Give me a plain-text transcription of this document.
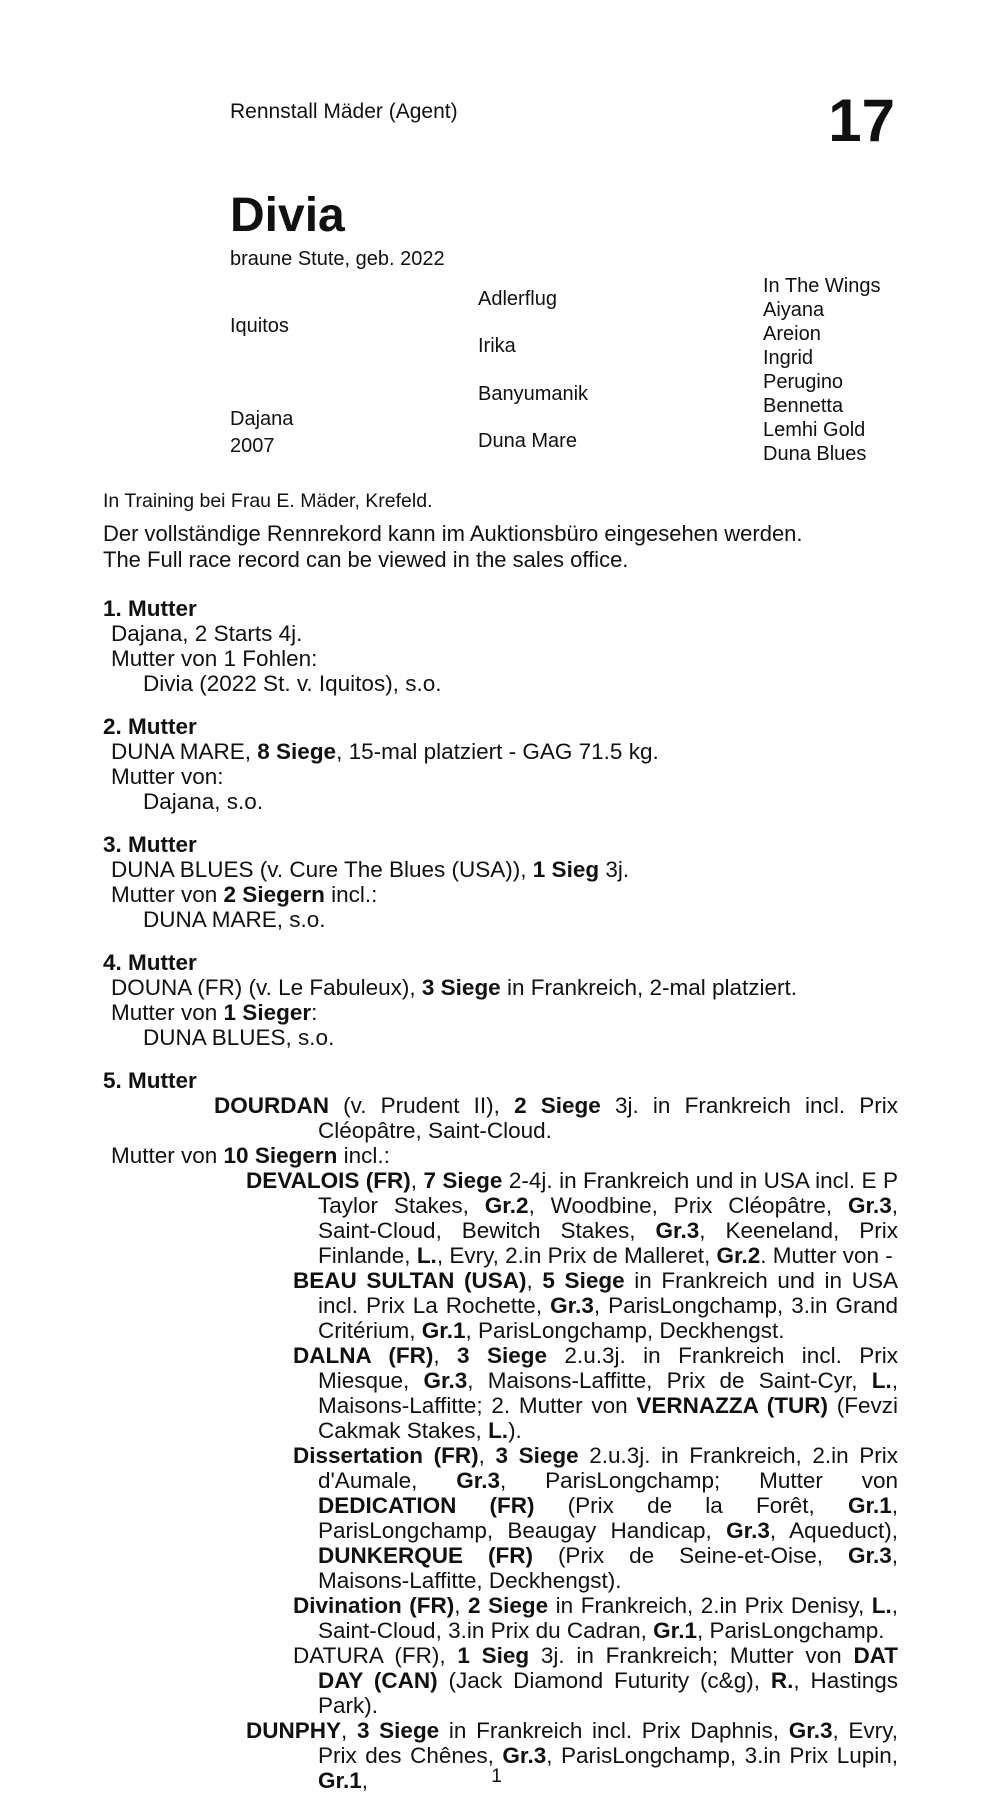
Rennstall Mäder (Agent)	17
Divia
braune Stute, geb. 2022
Iquitos
Dajana
2007
Adlerflug
Irika
Banyumanik
Duna Mare
In The Wings
Aiyana
Areion
Ingrid
Perugino
Bennetta
Lemhi Gold
Duna Blues
In Training bei Frau E. Mäder, Krefeld.
Der vollständige Rennrekord kann im Auktionsbüro eingesehen werden.
The Full race record can be viewed in the sales office.
1. Mutter
Dajana, 2 Starts 4j.
Mutter von 1 Fohlen:
Divia (2022 St. v. Iquitos), s.o.
2. Mutter
DUNA MARE, 8 Siege, 15-mal platziert - GAG 71.5 kg.
Mutter von:
Dajana, s.o.
3. Mutter
DUNA BLUES (v. Cure The Blues (USA)), 1 Sieg 3j.
Mutter von 2 Siegern incl.:
DUNA MARE, s.o.
4. Mutter
DOUNA (FR) (v. Le Fabuleux), 3 Siege in Frankreich, 2-mal platziert.
Mutter von 1 Sieger:
DUNA BLUES, s.o.
5. Mutter
DOURDAN (v. Prudent II), 2 Siege 3j. in Frankreich incl. Prix Cléopâtre, Saint-Cloud.
Mutter von 10 Siegern incl.:
DEVALOIS (FR), 7 Siege 2-4j. in Frankreich und in USA incl. E P Taylor Stakes, Gr.2, Woodbine, Prix Cléopâtre, Gr.3, Saint-Cloud, Bewitch Stakes, Gr.3, Keeneland, Prix Finlande, L., Evry, 2.in Prix de Malleret, Gr.2. Mutter von -
BEAU SULTAN (USA), 5 Siege in Frankreich und in USA incl. Prix La Rochette, Gr.3, ParisLongchamp, 3.in Grand Critérium, Gr.1, ParisLongchamp, Deckhengst.
DALNA (FR), 3 Siege 2.u.3j. in Frankreich incl. Prix Miesque, Gr.3, Maisons-Laffitte, Prix de Saint-Cyr, L., Maisons-Laffitte; 2. Mutter von VERNAZZA (TUR) (Fevzi Cakmak Stakes, L.).
Dissertation (FR), 3 Siege 2.u.3j. in Frankreich, 2.in Prix d'Aumale, Gr.3, ParisLongchamp; Mutter von DEDICATION (FR) (Prix de la Forêt, Gr.1, ParisLongchamp, Beaugay Handicap, Gr.3, Aqueduct), DUNKERQUE (FR) (Prix de Seine-et-Oise, Gr.3, Maisons-Laffitte, Deckhengst).
Divination (FR), 2 Siege in Frankreich, 2.in Prix Denisy, L., Saint-Cloud, 3.in Prix du Cadran, Gr.1, ParisLongchamp.
DATURA (FR), 1 Sieg 3j. in Frankreich; Mutter von DAT DAY (CAN) (Jack Diamond Futurity (c&g), R., Hastings Park).
DUNPHY, 3 Siege in Frankreich incl. Prix Daphnis, Gr.3, Evry, Prix des Chênes, Gr.3, ParisLongchamp, 3.in Prix Lupin, Gr.1,	1
